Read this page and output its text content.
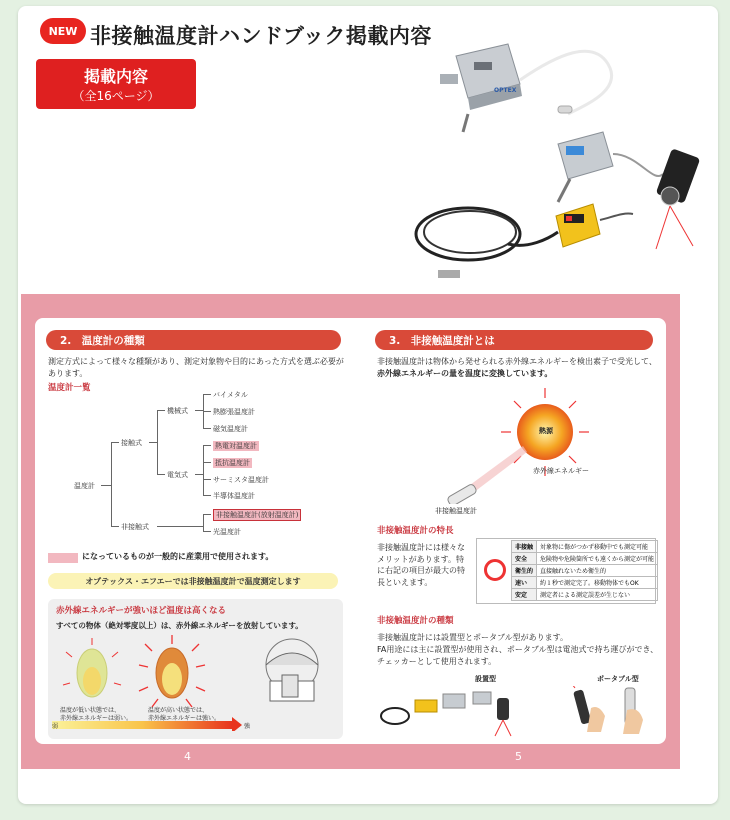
NEW 非接触温度計ハンドブック掲載内容
掲載内容
（全16ページ）	OPTEX
2.　温度計の種類
測定方式によって様々な種類があり、測定対象物や目的にあった方式を選ぶ必要があります。
温度計一覧
温度計
接触式
非接触式
機械式
電気式
バイメタル
熱膨張温度計
磁気温度計
熱電対温度計
抵抗温度計
サーミスタ温度計
半導体温度計
非接触温度計(放射温度計)
光温度計
になっているものが一般的に産業用で使用されます。
オプテックス・エフエーでは非接触温度計で温度測定します
赤外線エネルギーが強いほど温度は高くなる
すべての物体（絶対零度以上）は、赤外線エネルギーを放射しています。
温度が低い状態では、
赤外線エネルギーは弱い。
温度が高い状態では、
赤外線エネルギーは強い。
弱	強
3.　非接触温度計とは
非接触温度計は物体から発せられる赤外線エネルギーを検出素子で受光して、
赤外線エネルギーの量を温度に変換しています。
熱源
赤外線エネルギー
非接触温度計
非接触温度計の特長
非接触温度計には様々なメリットがあります。特に右記の項目が最大の特長といえます。
非接触	対象物に傷がつかず移動中でも測定可能
安全	危険物や危険箇所でも遠くから測定が可能
衛生的	直接触れないため衛生的
速い	約１秒で測定完了。移動物体でもOK
安定	測定者による測定誤差が生じない
非接触温度計の種類
非接触温度計には設置型とポータブル型があります。
FA用途には主に設置型が使用され、ポータブル型は電池式で持ち運びができ、
チェッカーとして使用されます。
設置型	ポータブル型
4	5
